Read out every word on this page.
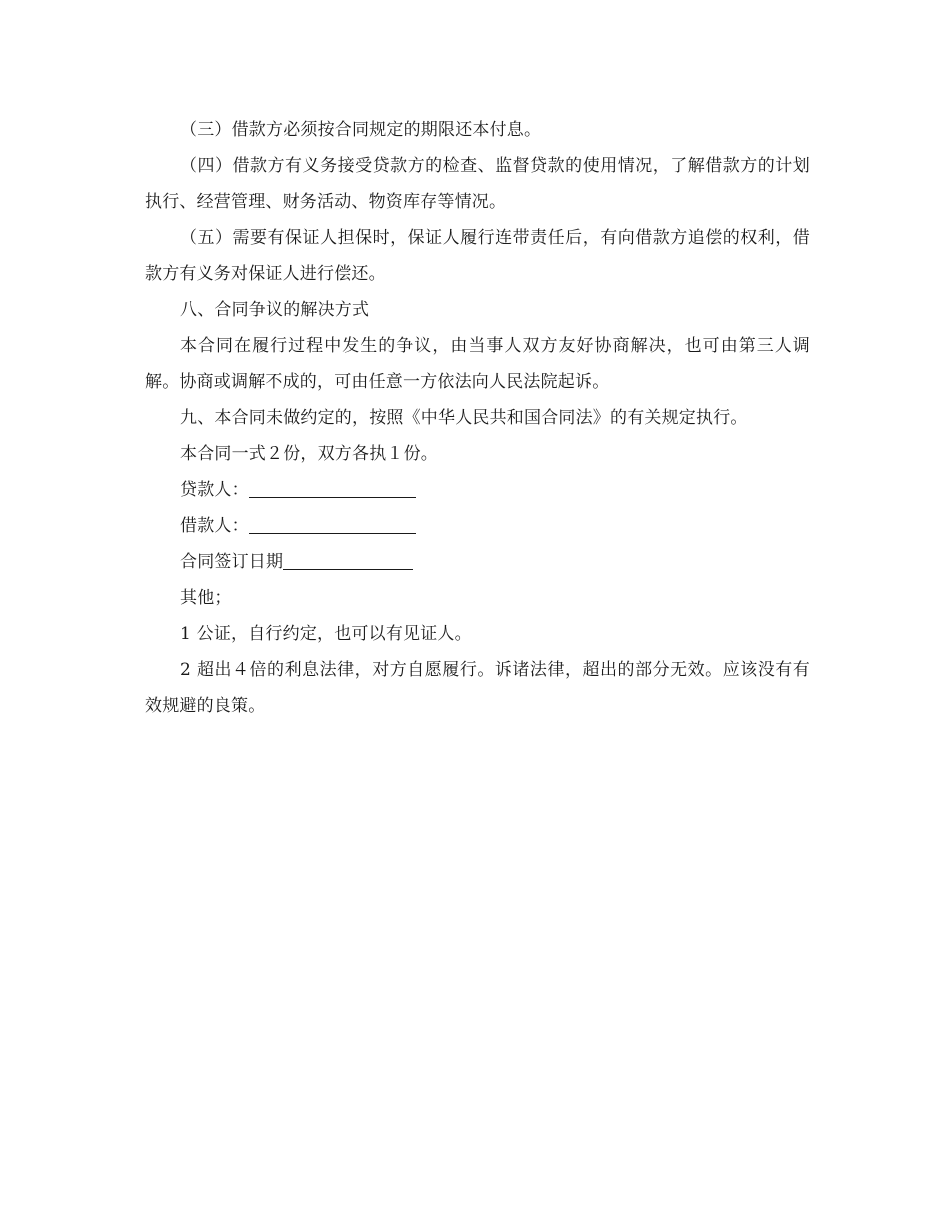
（三）借款方必须按合同规定的期限还本付息。

（四）借款方有义务接受贷款方的检查、监督贷款的使用情况，了解借款方的计划执行、经营管理、财务活动、物资库存等情况。

（五）需要有保证人担保时，保证人履行连带责任后，有向借款方追偿的权利，借款方有义务对保证人进行偿还。

八、合同争议的解决方式

本合同在履行过程中发生的争议，由当事人双方友好协商解决，也可由第三人调解。协商或调解不成的，可由任意一方依法向人民法院起诉。

九、本合同未做约定的，按照《中华人民共和国合同法》的有关规定执行。

本合同一式２份，双方各执１份。

贷款人：

借款人：

合同签订日期

其他；

1 公证，自行约定，也可以有见证人。

2 超出４倍的利息法律，对方自愿履行。诉诸法律，超出的部分无效。应该没有有效规避的良策。
